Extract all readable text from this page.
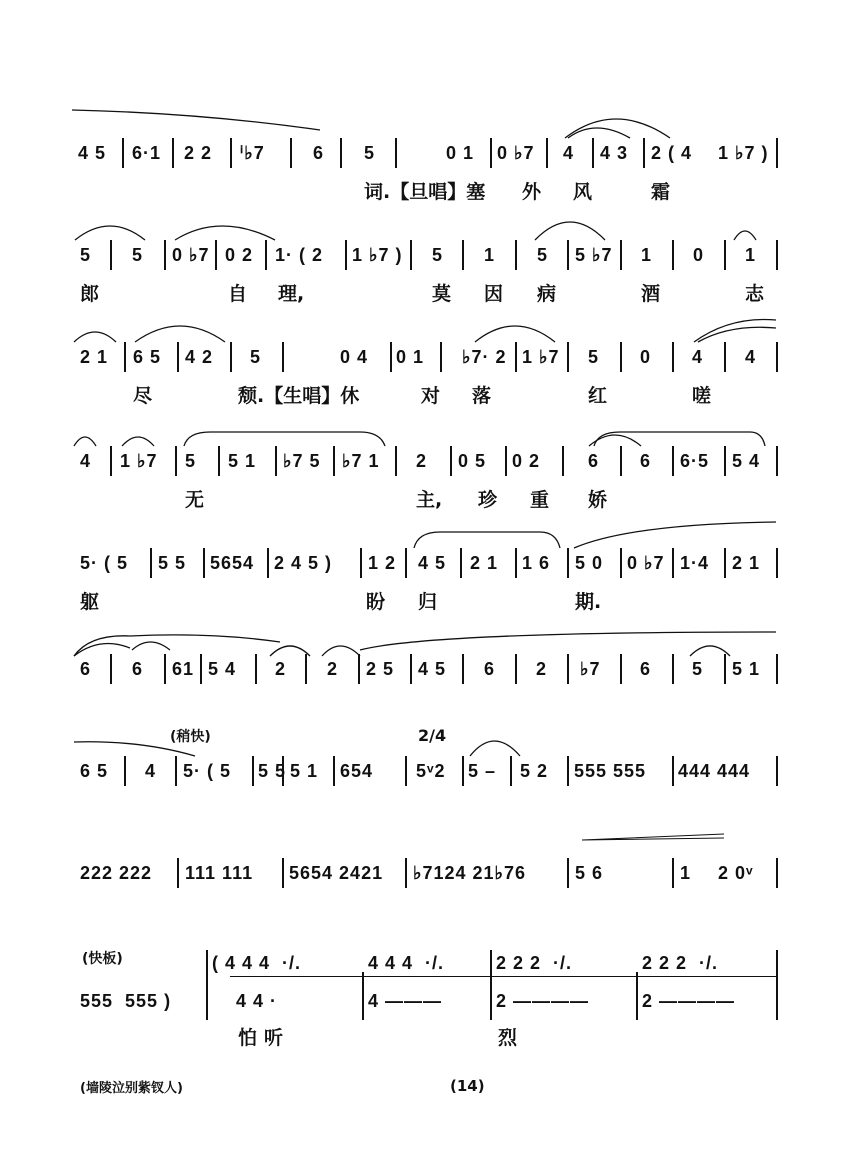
4 5 6·1 2 2 ⁱ♭7	6 5	0 1 0 ♭7 4 4 3 2 ( 4 1 ♭7 )
词.【旦唱】塞 外 风	霜
5 5 0 ♭7 0 2 1· ( 2 1 ♭7 ) 5 1 5 5 ♭7 1 0 1
郎	自 理,	莫 因 病	酒	志
2 1 6 5 4 2 5	0 4 0 1 ♭7· 2 1 ♭7 5 0 4 4
尽	颓.【生唱】休	对 落	红	嗟
4 1 ♭7 5 5 1 ♭7 5 ♭7 1 2 0 5 0 2	6 6 6·5 5 4
无	主, 珍 重 娇
5· ( 5 5 5 5654 2 4 5 ) 1 2 4 5 2 1 1 6 5 0 0 ♭7 1·4 2 1
躯	盼 归	期.
6 6 61 5 4 2 2 2 5 4 5 6 2 ♭7 6 5 5 1
(稍快)	2/4
6 5 4 5· ( 5 5 5 5 1 654 5ᵛ2 5 – 5 2 555 555 444 444
222 222 111 111 5654 2421 ♭7124 21♭76	5 6	1 2 0ᵛ
(快板)
555  555 )
( 4 4 4  ·/.	4 4 4  ·/.	2 2 2  ·/.	2 2 2  ·/.
4 4 ·	4 ———	2 ————	2 ————
怕 听	烈
(墙陵泣别紫钗人)	(14)
